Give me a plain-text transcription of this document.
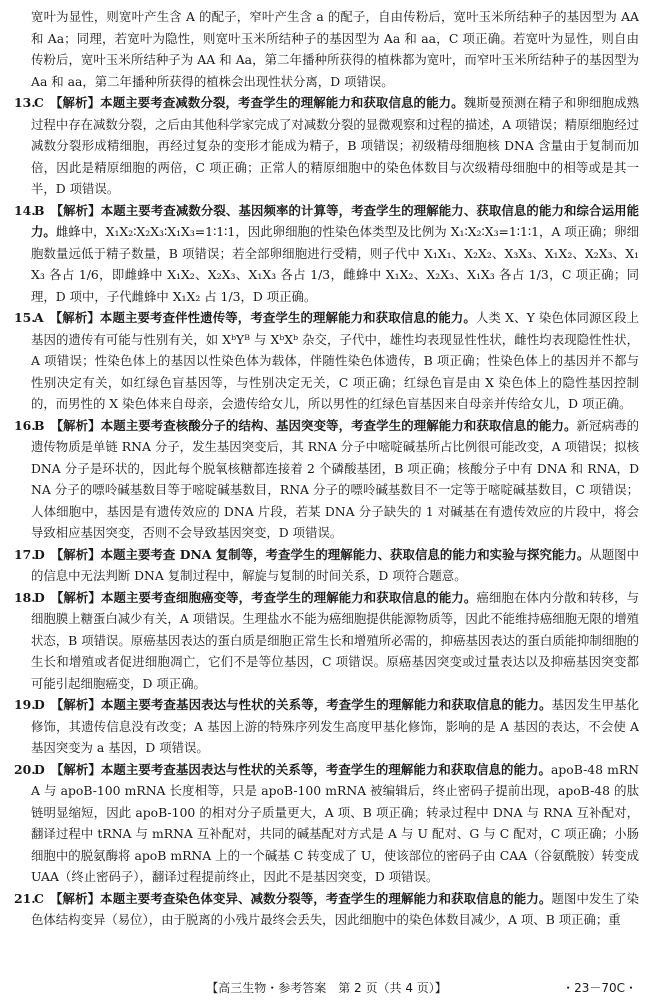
宽叶为显性，则宽叶产生含 A 的配子，窄叶产生含 a 的配子，自由传粉后，宽叶玉米所结种子的基因型为 AA 和 Aa；同理，若宽叶为隐性，则宽叶玉米所结种子的基因型为 Aa 和 aa，C 项正确。若宽叶为显性，则自由传粉后，宽叶玉米所结种子为 AA 和 Aa，第二年播种所获得的植株都为宽叶，而窄叶玉米所结种子的基因型为 Aa 和 aa，第二年播种所获得的植株会出现性状分离，D 项错误。

13.
C 【解析】本题主要考查减数分裂，考查学生的理解能力和获取信息的能力。魏斯曼预测在精子和卵细胞成熟过程中存在减数分裂，之后由其他科学家完成了对减数分裂的显微观察和过程的描述，A 项错误；精原细胞经过减数分裂形成精细胞，再经过复杂的变形才能成为精子，B 项错误；初级精母细胞核 DNA 含量由于复制而加倍，因此是精原细胞的两倍，C 项正确；正常人的精原细胞中的染色体数目与次级精母细胞中的相等或是其一半，D 项错误。

14.
B 【解析】本题主要考查减数分裂、基因频率的计算等，考查学生的理解能力、获取信息的能力和综合运用能力。雌蜂中，X₁X₂∶X₂X₃∶X₁X₃=1∶1∶1，因此卵细胞的性染色体类型及比例为 X₁∶X₂∶X₃=1∶1∶1，A 项正确；卵细胞数量远低于精子数量，B 项错误；若全部卵细胞进行受精，则子代中 X₁X₁、X₂X₂、X₃X₃、X₁X₂、X₂X₃、X₁X₃ 各占 1/6，即雌蜂中 X₁X₂、X₂X₃、X₁X₃ 各占 1/3，雌蜂中 X₁X₂、X₂X₃、X₁X₃ 各占 1/3，C 项正确；同理，D 项中，子代雌蜂中 X₁X₂ 占 1/3，D 项正确。

15.
A 【解析】本题主要考查伴性遗传等，考查学生的理解能力和获取信息的能力。人类 X、Y 染色体同源区段上基因的遗传有可能与性别有关，如 XᵇYᴮ 与 XᵇXᵇ 杂交，子代中，雄性均表现显性性状，雌性均表现隐性性状，A 项错误；性染色体上的基因以性染色体为载体，伴随性染色体遗传，B 项正确；性染色体上的基因并不都与性别决定有关，如红绿色盲基因等，与性别决定无关，C 项正确；红绿色盲是由 X 染色体上的隐性基因控制的，而男性的 X 染色体来自母亲，会遗传给女儿，所以男性的红绿色盲基因来自母亲并传给女儿，D 项正确。

16.
B 【解析】本题主要考查核酸分子的结构、基因突变等，考查学生的理解能力和获取信息的能力。新冠病毒的遗传物质是单链 RNA 分子，发生基因突变后，其 RNA 分子中嘧啶碱基所占比例很可能改变，A 项错误；拟核 DNA 分子是环状的，因此每个脱氧核糖都连接着 2 个磷酸基团，B 项正确；核酸分子中有 DNA 和 RNA，DNA 分子的嘌呤碱基数目等于嘧啶碱基数目，RNA 分子的嘌呤碱基数目不一定等于嘧啶碱基数目，C 项错误；人体细胞中，基因是有遗传效应的 DNA 片段，若某 DNA 分子缺失的 1 对碱基在有遗传效应的片段中，将会导致相应基因突变，否则不会导致基因突变，D 项错误。

17.
D 【解析】本题主要考查 DNA 复制等，考查学生的理解能力、获取信息的能力和实验与探究能力。从题图中的信息中无法判断 DNA 复制过程中，解旋与复制的时间关系，D 项符合题意。

18.
D 【解析】本题主要考查细胞癌变等，考查学生的理解能力和获取信息的能力。癌细胞在体内分散和转移，与细胞膜上糖蛋白减少有关，A 项错误。生理盐水不能为癌细胞提供能源物质等，因此不能维持癌细胞无限的增殖状态，B 项错误。原癌基因表达的蛋白质是细胞正常生长和增殖所必需的，抑癌基因表达的蛋白质能抑制细胞的生长和增殖或者促进细胞凋亡，它们不是等位基因，C 项错误。原癌基因突变或过量表达以及抑癌基因突变都可能引起细胞癌变，D 项正确。

19.
D 【解析】本题主要考查基因表达与性状的关系等，考查学生的理解能力和获取信息的能力。基因发生甲基化修饰，其遗传信息没有改变；A 基因上游的特殊序列发生高度甲基化修饰，影响的是 A 基因的表达，不会使 A 基因突变为 a 基因，D 项错误。

20.
D 【解析】本题主要考查基因表达与性状的关系等，考查学生的理解能力和获取信息的能力。apoB-48 mRNA 与 apoB-100 mRNA 长度相等，只是 apoB-100 mRNA 被编辑后，终止密码子提前出现，apoB-48 的肽链明显缩短，因此 apoB-100 的相对分子质量更大，A 项、B 项正确；转录过程中 DNA 与 RNA 互补配对，翻译过程中 tRNA 与 mRNA 互补配对，共同的碱基配对方式是 A 与 U 配对、G 与 C 配对，C 项正确；小肠细胞中的脱氨酶将 apoB mRNA 上的一个碱基 C 转变成了 U，使该部位的密码子由 CAA（谷氨酰胺）转变成 UAA（终止密码子），翻译过程提前终止，因此不是基因突变，D 项错误。

21.
C 【解析】本题主要考查染色体变异、减数分裂等，考查学生的理解能力和获取信息的能力。题图中发生了染色体结构变异（易位），由于脱离的小残片最终会丢失，因此细胞中的染色体数目减少，A 项、B 项正确；重

【高三生物・参考答案　第 2 页（共 4 页）】	・23－70C・
